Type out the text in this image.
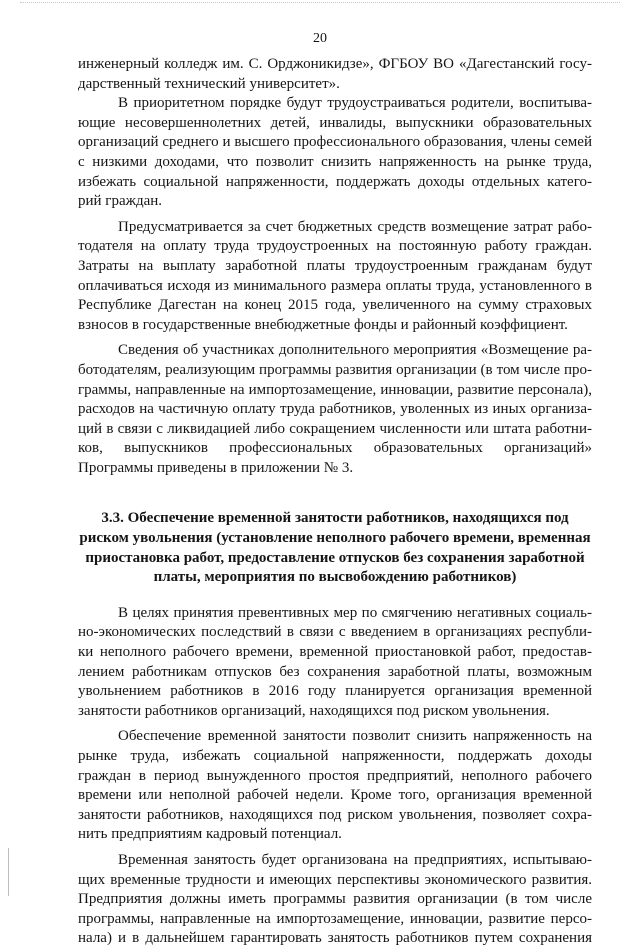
20
инженерный колледж им. С. Орджоникидзе», ФГБОУ ВО «Дагестанский госу-
дарственный технический университет».
В приоритетном порядке будут трудоустраиваться родители, воспитыва-
ющие несовершеннолетних детей, инвалиды, выпускники образовательных
организаций среднего и высшего профессионального образования, члены семей
с низкими доходами, что позволит снизить напряженность на рынке труда,
избежать социальной напряженности, поддержать доходы отдельных катего-
рий граждан.
Предусматривается за счет бюджетных средств возмещение затрат рабо-
тодателя на оплату труда трудоустроенных на постоянную работу граждан.
Затраты на выплату заработной платы трудоустроенным гражданам будут
оплачиваться исходя из минимального размера оплаты труда, установленного в
Республике Дагестан на конец 2015 года, увеличенного на сумму страховых
взносов в государственные внебюджетные фонды и районный коэффициент.
Сведения об участниках дополнительного мероприятия «Возмещение ра-
ботодателям, реализующим программы развития организации (в том числе про-
граммы, направленные на импортозамещение, инновации, развитие персонала),
расходов на частичную оплату труда работников, уволенных из иных организа-
ций в связи с ликвидацией либо сокращением численности или штата работни-
ков, выпускников профессиональных образовательных организаций»
Программы приведены в приложении № 3.
3.3. Обеспечение временной занятости работников, находящихся под
риском увольнения (установление неполного рабочего времени, временная
приостановка работ, предоставление отпусков без сохранения заработной
платы, мероприятия по высвобождению работников)
В целях принятия превентивных мер по смягчению негативных социаль-
но-экономических последствий в связи с введением в организациях республи-
ки неполного рабочего времени, временной приостановкой работ, предостав-
лением работникам отпусков без сохранения заработной платы, возможным
увольнением работников в 2016 году планируется организация временной
занятости работников организаций, находящихся под риском увольнения.
Обеспечение временной занятости позволит снизить напряженность на
рынке труда, избежать социальной напряженности, поддержать доходы
граждан в период вынужденного простоя предприятий, неполного рабочего
времени или неполной рабочей недели. Кроме того, организация временной
занятости работников, находящихся под риском увольнения, позволяет сохра-
нить предприятиям кадровый потенциал.
Временная занятость будет организована на предприятиях, испытываю-
щих временные трудности и имеющих перспективы экономического развития.
Предприятия должны иметь программы развития организации (в том числе
программы, направленные на импортозамещение, инновации, развитие персо-
нала) и в дальнейшем гарантировать занятость работников путем сохранения
